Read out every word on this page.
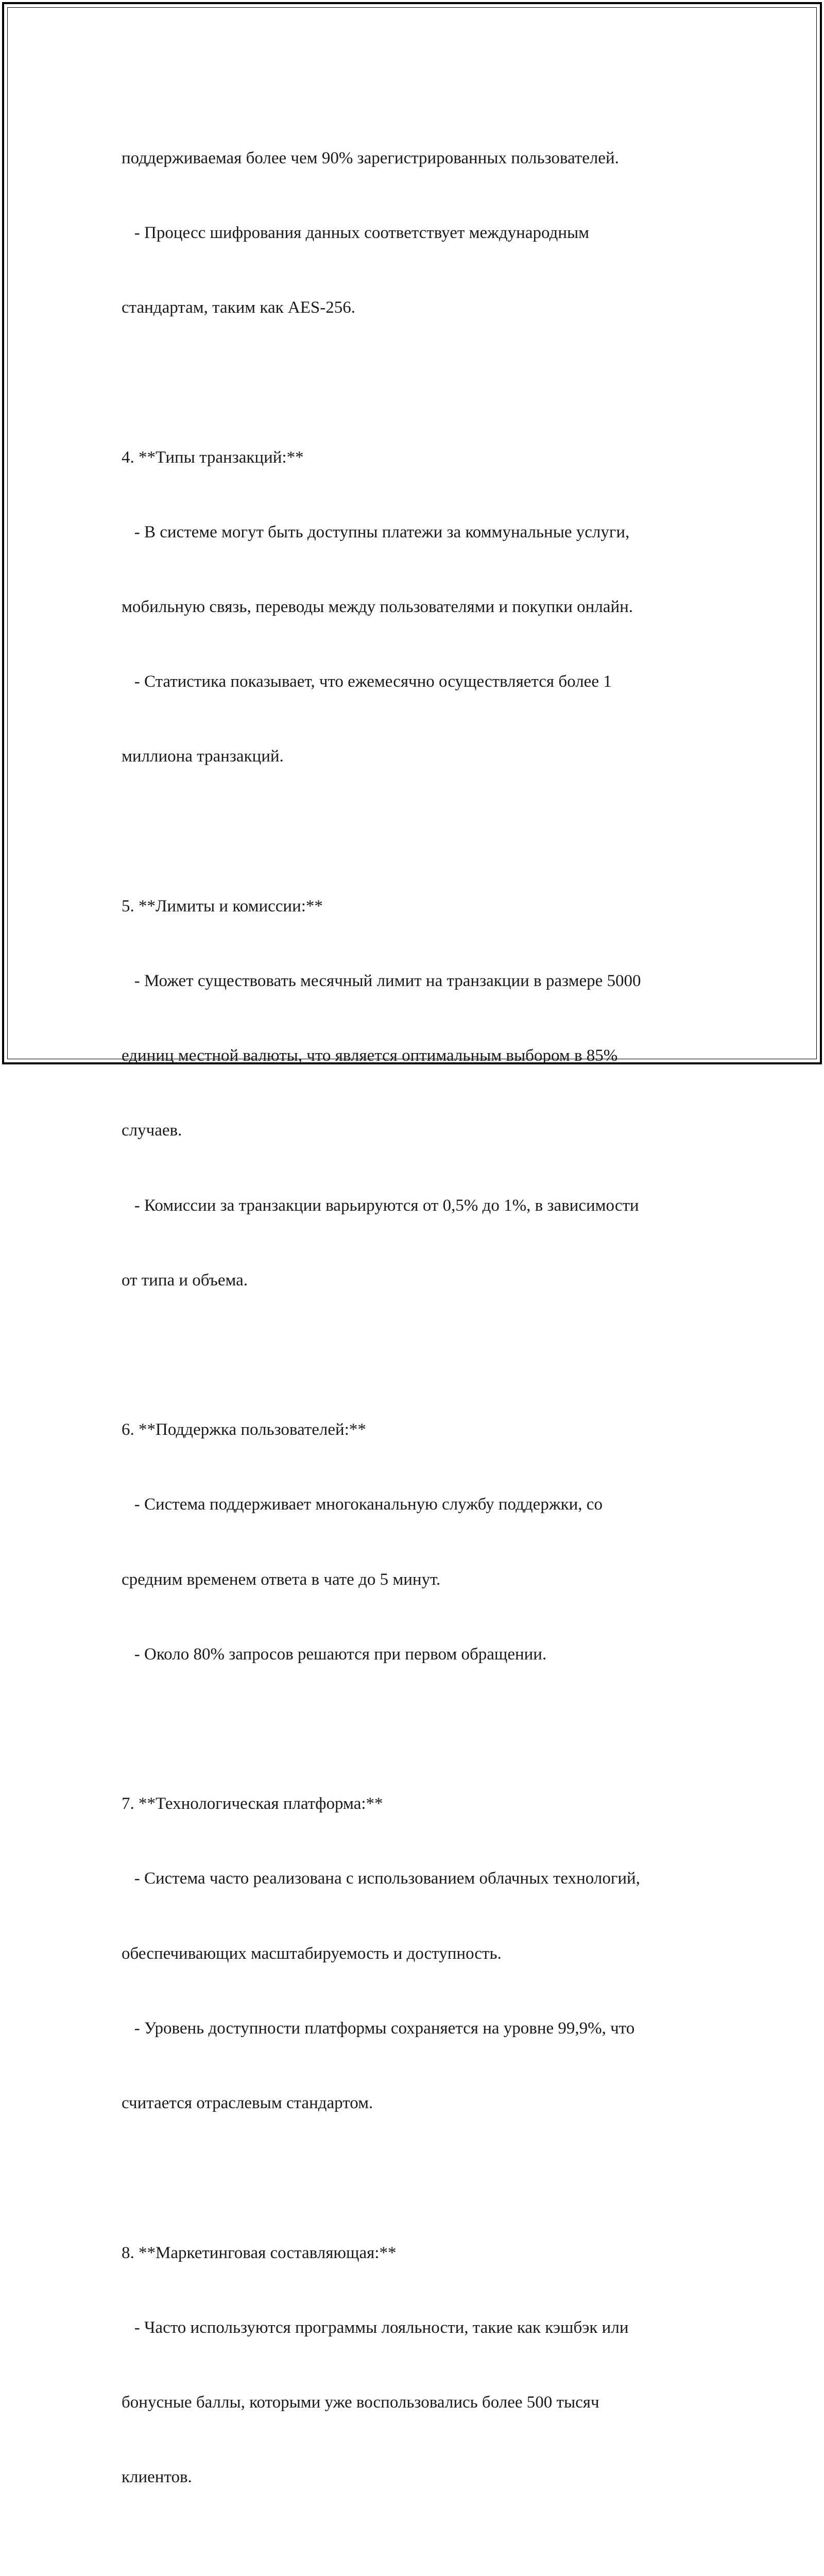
поддерживаемая более чем 90% зарегистрированных пользователей.

- Процесс шифрования данных соответствует международным

стандартам, таким как AES-256.

4. **Типы транзакций:**

- В системе могут быть доступны платежи за коммунальные услуги,

мобильную связь, переводы между пользователями и покупки онлайн.

- Статистика показывает, что ежемесячно осуществляется более 1

миллиона транзакций.

5. **Лимиты и комиссии:**

- Может существовать месячный лимит на транзакции в размере 5000

единиц местной валюты, что является оптимальным выбором в 85%

случаев.

- Комиссии за транзакции варьируются от 0,5% до 1%, в зависимости

от типа и объема.

6. **Поддержка пользователей:**

- Система поддерживает многоканальную службу поддержки, со

средним временем ответа в чате до 5 минут.

- Около 80% запросов решаются при первом обращении.

7. **Технологическая платформа:**

- Система часто реализована с использованием облачных технологий,

обеспечивающих масштабируемость и доступность.

- Уровень доступности платформы сохраняется на уровне 99,9%, что

считается отраслевым стандартом.

8. **Маркетинговая составляющая:**

- Часто используются программы лояльности, такие как кэшбэк или

бонусные баллы, которыми уже воспользовались более 500 тысяч

клиентов.
